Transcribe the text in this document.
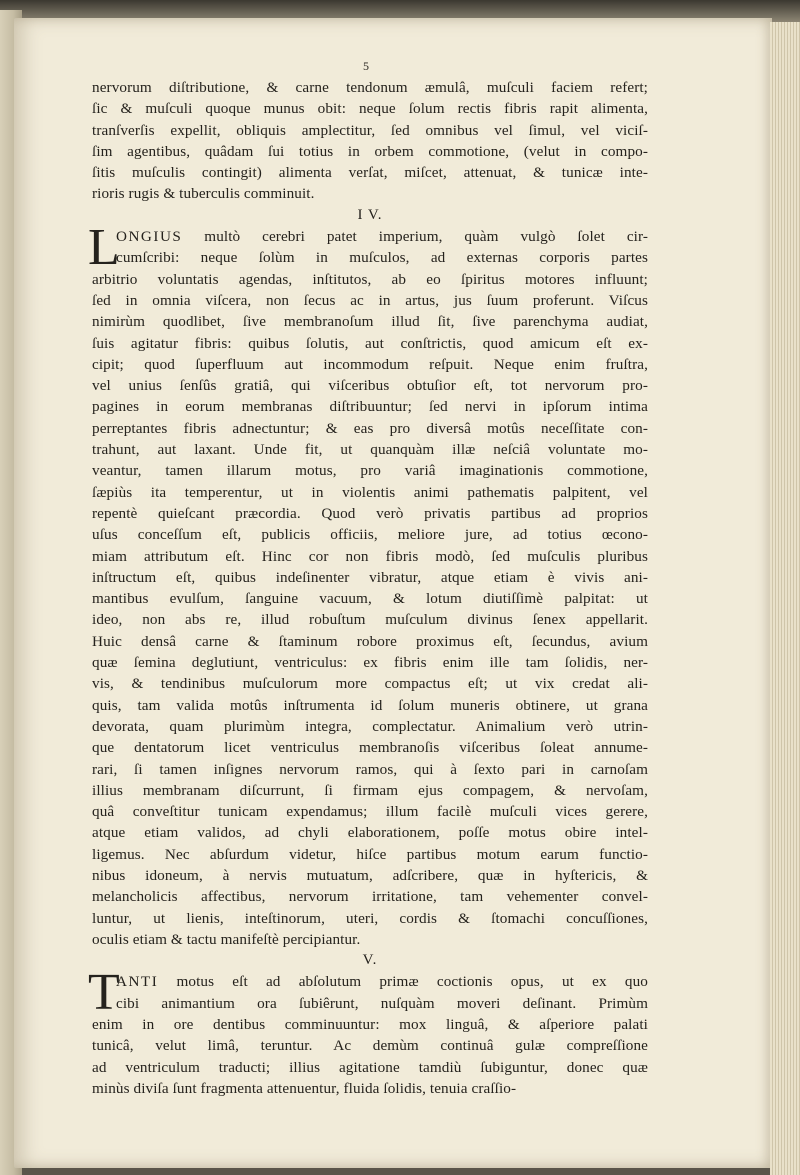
5
nervorum diſtributione, & carne tendonum æmulâ, muſculi faciem refert;
ſic & muſculi quoque munus obit: neque ſolum rectis fibris rapit alimenta,
tranſverſis expellit, obliquis amplectitur, ſed omnibus vel ſimul, vel viciſ-
ſim agentibus, quâdam ſui totius in orbem commotione, (velut in compo-
ſitis muſculis contingit) alimenta verſat, miſcet, attenuat, & tunicæ inte-
rioris rugis & tuberculis comminuit.
I V.
L
ONGIUS multò cerebri patet imperium, quàm vulgò ſolet cir-
cumſcribi: neque ſolùm in muſculos, ad externas corporis partes
arbitrio voluntatis agendas, inſtitutos, ab eo ſpiritus motores influunt;
ſed in omnia viſcera, non ſecus ac in artus, jus ſuum proferunt. Viſcus
nimirùm quodlibet, ſive membranoſum illud ſit, ſive parenchyma audiat,
ſuis agitatur fibris: quibus ſolutis, aut conſtrictis, quod amicum eſt ex-
cipit; quod ſuperfluum aut incommodum reſpuit. Neque enim fruſtra,
vel unius ſenſûs gratiâ, qui viſceribus obtuſior eſt, tot nervorum pro-
pagines in eorum membranas diſtribuuntur; ſed nervi in ipſorum intima
perreptantes fibris adnectuntur; & eas pro diversâ motûs neceſſitate con-
trahunt, aut laxant. Unde fit, ut quanquàm illæ neſciâ voluntate mo-
veantur, tamen illarum motus, pro variâ imaginationis commotione,
ſæpiùs ita temperentur, ut in violentis animi pathematis palpitent, vel
repentè quieſcant præcordia. Quod verò privatis partibus ad proprios
uſus conceſſum eſt, publicis officiis, meliore jure, ad totius œcono-
miam attributum eſt. Hinc cor non fibris modò, ſed muſculis pluribus
inſtructum eſt, quibus indeſinenter vibratur, atque etiam è vivis ani-
mantibus evulſum, ſanguine vacuum, & lotum diutiſſimè palpitat: ut
ideo, non abs re, illud robuſtum muſculum divinus ſenex appellarit.
Huic densâ carne & ſtaminum robore proximus eſt, ſecundus, avium
quæ ſemina deglutiunt, ventriculus: ex fibris enim ille tam ſolidis, ner-
vis, & tendinibus muſculorum more compactus eſt; ut vix credat ali-
quis, tam valida motûs inſtrumenta id ſolum muneris obtinere, ut grana
devorata, quam plurimùm integra, complectatur. Animalium verò utrin-
que dentatorum licet ventriculus membranoſis viſceribus ſoleat annume-
rari, ſi tamen inſignes nervorum ramos, qui à ſexto pari in carnoſam
illius membranam diſcurrunt, ſi firmam ejus compagem, & nervoſam,
quâ conveſtitur tunicam expendamus; illum facilè muſculi vices gerere,
atque etiam validos, ad chyli elaborationem, poſſe motus obire intel-
ligemus. Nec abſurdum videtur, hiſce partibus motum earum functio-
nibus idoneum, à nervis mutuatum, adſcribere, quæ in hyſtericis, &
melancholicis affectibus, nervorum irritatione, tam vehementer convel-
luntur, ut lienis, inteſtinorum, uteri, cordis & ſtomachi concuſſiones,
oculis etiam & tactu manifeſtè percipiantur.
V.
T
ANTI motus eſt ad abſolutum primæ coctionis opus, ut ex quo
cibi animantium ora ſubiêrunt, nuſquàm moveri deſinant. Primùm
enim in ore dentibus comminuuntur: mox linguâ, & aſperiore palati
tunicâ, velut limâ, teruntur. Ac demùm continuâ gulæ compreſſione
ad ventriculum traducti; illius agitatione tamdiù ſubiguntur, donec quæ
minùs diviſa ſunt fragmenta attenuentur, fluida ſolidis, tenuia craſſio-
